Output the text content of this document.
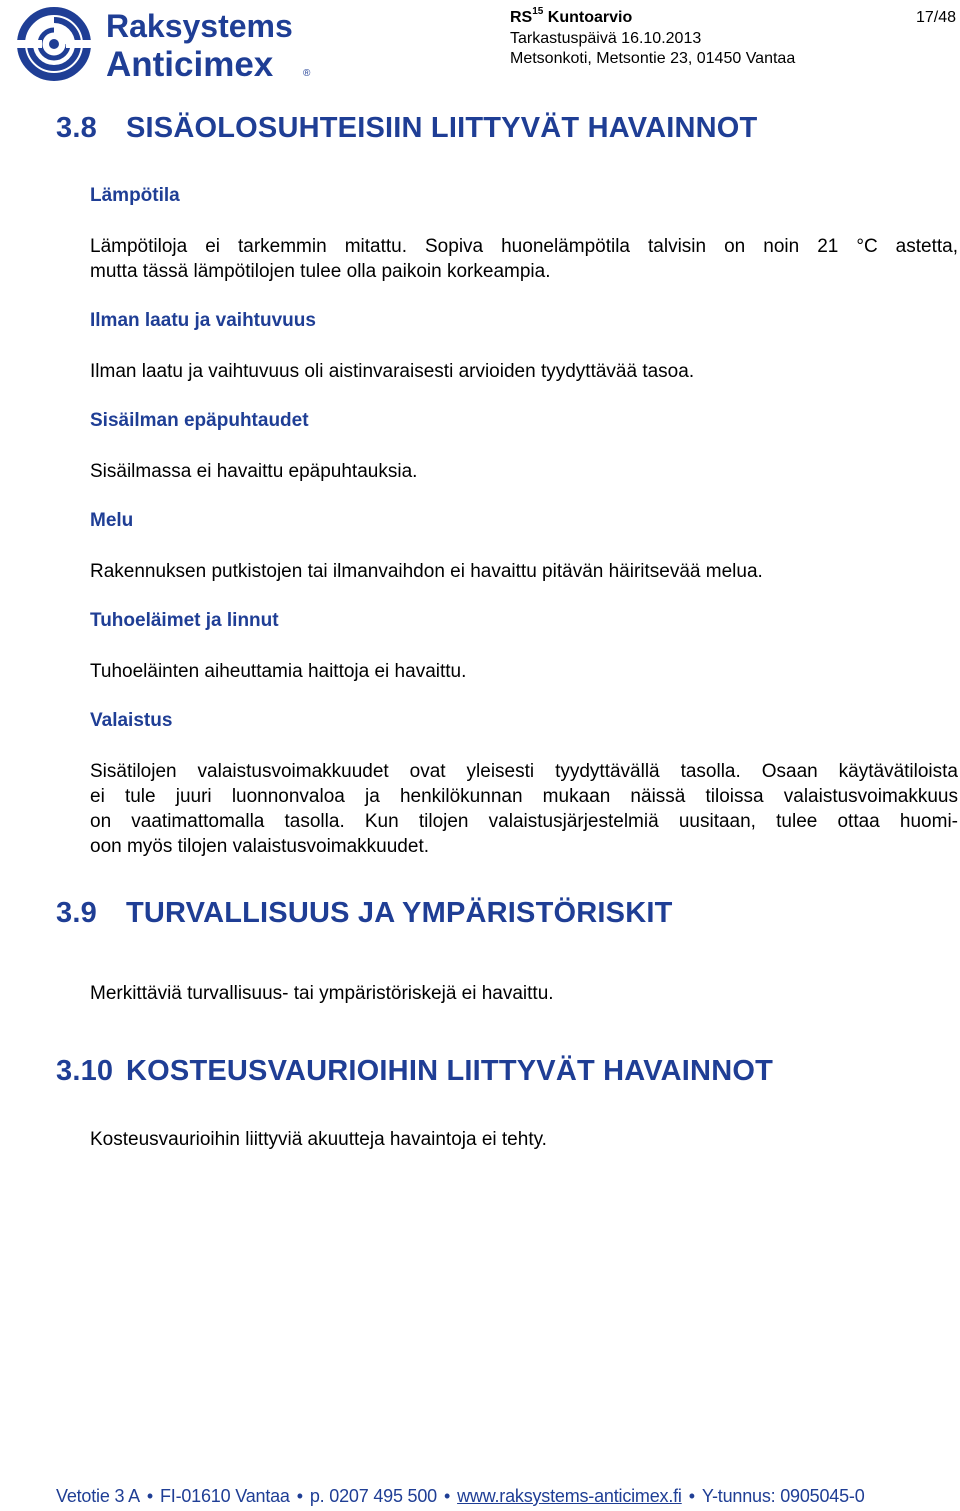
Raksystems
Anticimex	®
RS$^{15}$ Kuntoarvio
Tarkastuspäivä 16.10.2013
Metsonkoti, Metsontie 23, 01450 Vantaa
17/48
3.8 SISÄOLOSUHTEISIIN LIITTYVÄT HAVAINNOT
Lämpötila
Lämpötiloja ei tarkemmin mitattu. Sopiva huonelämpötila talvisin on noin 21 °C astetta,
mutta tässä lämpötilojen tulee olla paikoin korkeampia.
Ilman laatu ja vaihtuvuus
Ilman laatu ja vaihtuvuus oli aistinvaraisesti arvioiden tyydyttävää tasoa.
Sisäilman epäpuhtaudet
Sisäilmassa ei havaittu epäpuhtauksia.
Melu
Rakennuksen putkistojen tai ilmanvaihdon ei havaittu pitävän häiritsevää melua.
Tuhoeläimet ja linnut
Tuhoeläinten aiheuttamia haittoja ei havaittu.
Valaistus
Sisätilojen valaistusvoimakkuudet ovat yleisesti tyydyttävällä tasolla. Osaan käytävätiloista
ei tule juuri luonnonvaloa ja henkilökunnan mukaan näissä tiloissa valaistusvoimakkuus
on vaatimattomalla tasolla. Kun tilojen valaistusjärjestelmiä uusitaan, tulee ottaa huomi-
oon myös tilojen valaistusvoimakkuudet.
3.9 TURVALLISUUS JA YMPÄRISTÖRISKIT
Merkittäviä turvallisuus- tai ympäristöriskejä ei havaittu.
3.10 KOSTEUSVAURIOIHIN LIITTYVÄT HAVAINNOT
Kosteusvaurioihin liittyviä akuutteja havaintoja ei tehty.
Vetotie 3 A • FI-01610 Vantaa • p. 0207 495 500 • www.raksystems-anticimex.fi • Y-tunnus: 0905045-0
